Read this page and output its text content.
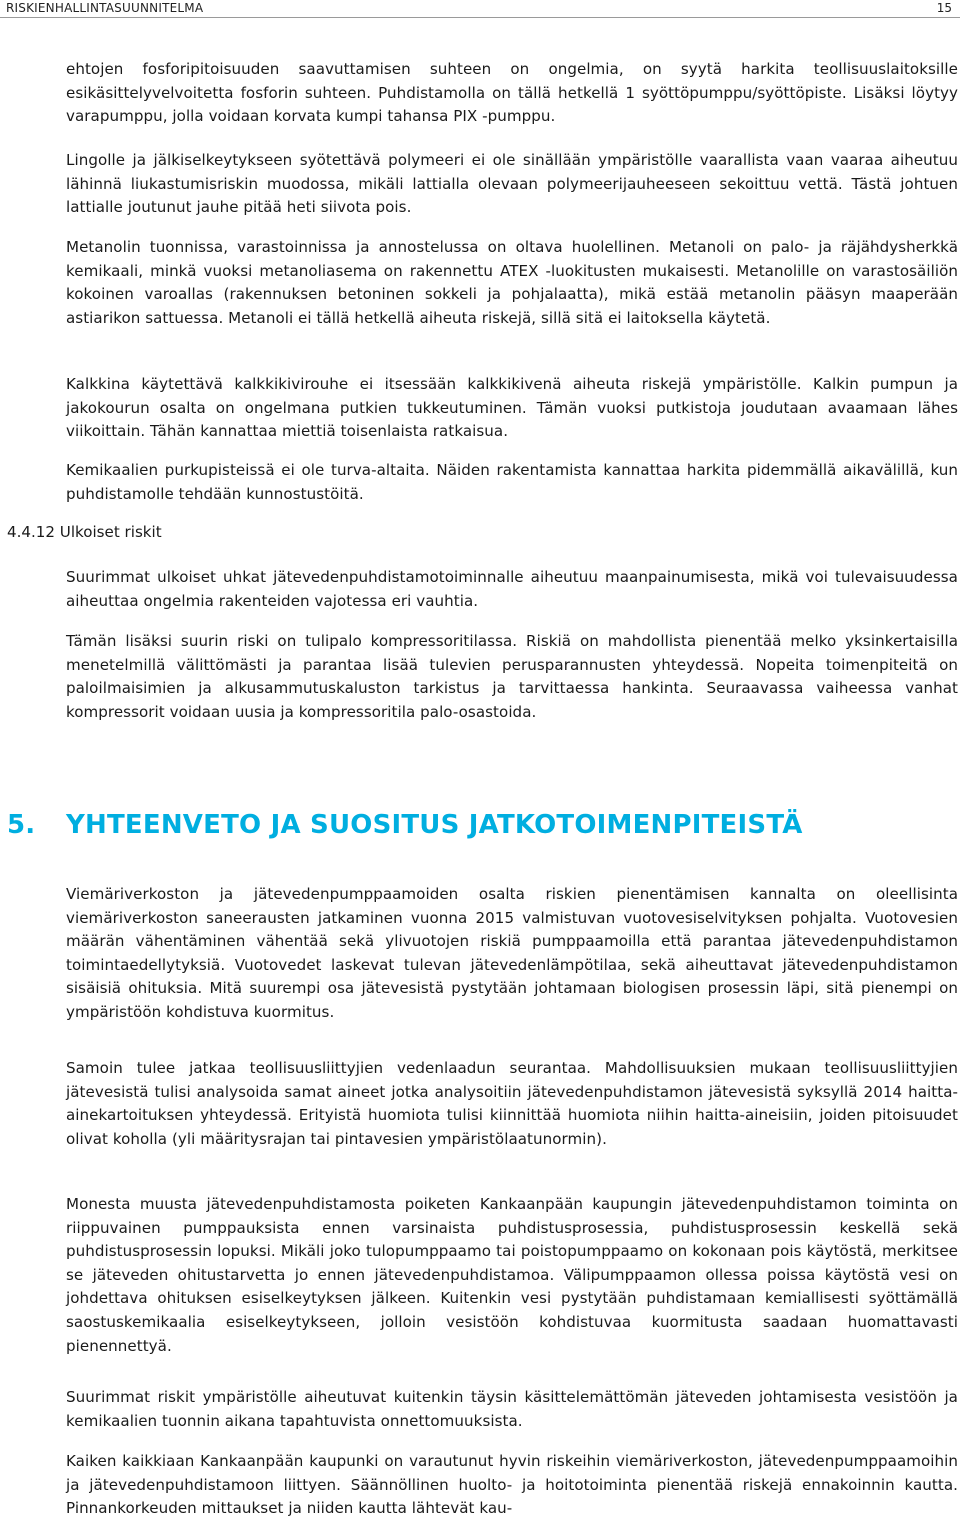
RISKIENHALLINTASUUNNITELMA	15

ehtojen fosforipitoisuuden saavuttamisen suhteen on ongelmia, on syytä harkita teollisuuslaitoksille esikäsittelyvelvoitetta fosforin suhteen. Puhdistamolla on tällä hetkellä 1 syöttöpumppu/syöttöpiste. Lisäksi löytyy varapumppu, jolla voidaan korvata kumpi tahansa PIX -pumppu.

Lingolle ja jälkiselkeytykseen syötettävä polymeeri ei ole sinällään ympäristölle vaarallista vaan vaaraa aiheutuu lähinnä liukastumisriskin muodossa, mikäli lattialla olevaan polymeerijauheeseen sekoittuu vettä. Tästä johtuen lattialle joutunut jauhe pitää heti siivota pois.

Metanolin tuonnissa, varastoinnissa ja annostelussa on oltava huolellinen. Metanoli on palo- ja räjähdysherkkä kemikaali, minkä vuoksi metanoliasema on rakennettu ATEX -luokitusten mukaisesti. Metanolille on varastosäiliön kokoinen varoallas (rakennuksen betoninen sokkeli ja pohjalaatta), mikä estää metanolin pääsyn maaperään astiarikon sattuessa. Metanoli ei tällä hetkellä aiheuta riskejä, sillä sitä ei laitoksella käytetä.

Kalkkina käytettävä kalkkikivirouhe ei itsessään kalkkikivenä aiheuta riskejä ympäristölle. Kalkin pumpun ja jakokourun osalta on ongelmana putkien tukkeutuminen. Tämän vuoksi putkistoja joudutaan avaamaan lähes viikoittain. Tähän kannattaa miettiä toisenlaista ratkaisua.

Kemikaalien purkupisteissä ei ole turva-altaita. Näiden rakentamista kannattaa harkita pidemmällä aikavälillä, kun puhdistamolle tehdään kunnostustöitä.

4.4.12 Ulkoiset riskit

Suurimmat ulkoiset uhkat jätevedenpuhdistamotoiminnalle aiheutuu maanpainumisesta, mikä voi tulevaisuudessa aiheuttaa ongelmia rakenteiden vajotessa eri vauhtia.

Tämän lisäksi suurin riski on tulipalo kompressoritilassa. Riskiä on mahdollista pienentää melko yksinkertaisilla menetelmillä välittömästi ja parantaa lisää tulevien perusparannusten yhteydessä. Nopeita toimenpiteitä on paloilmaisimien ja alkusammutuskaluston tarkistus ja tarvittaessa hankinta. Seuraavassa vaiheessa vanhat kompressorit voidaan uusia ja kompressoritila palo-osastoida.

5. YHTEENVETO JA SUOSITUS JATKOTOIMENPITEISTÄ

Viemäriverkoston ja jätevedenpumppaamoiden osalta riskien pienentämisen kannalta on oleellisinta viemäriverkoston saneerausten jatkaminen vuonna 2015 valmistuvan vuotovesiselvityksen pohjalta. Vuotovesien määrän vähentäminen vähentää sekä ylivuotojen riskiä pumppaamoilla että parantaa jätevedenpuhdistamon toimintaedellytyksiä. Vuotovedet laskevat tulevan jätevedenlämpötilaa, sekä aiheuttavat jätevedenpuhdistamon sisäisiä ohituksia. Mitä suurempi osa jätevesistä pystytään johtamaan biologisen prosessin läpi, sitä pienempi on ympäristöön kohdistuva kuormitus.

Samoin tulee jatkaa teollisuusliittyjien vedenlaadun seurantaa. Mahdollisuuksien mukaan teollisuusliittyjien jätevesistä tulisi analysoida samat aineet jotka analysoitiin jätevedenpuhdistamon jätevesistä syksyllä 2014 haitta-ainekartoituksen yhteydessä. Erityistä huomiota tulisi kiinnittää huomiota niihin haitta-aineisiin, joiden pitoisuudet olivat koholla (yli määritysrajan tai pintavesien ympäristölaatunormin).

Monesta muusta jätevedenpuhdistamosta poiketen Kankaanpään kaupungin jätevedenpuhdistamon toiminta on riippuvainen pumppauksista ennen varsinaista puhdistusprosessia, puhdistusprosessin keskellä sekä puhdistusprosessin lopuksi. Mikäli joko tulopumppaamo tai poistopumppaamo on kokonaan pois käytöstä, merkitsee se jäteveden ohitustarvetta jo ennen jätevedenpuhdistamoa. Välipumppaamon ollessa poissa käytöstä vesi on johdettava ohituksen esiselkeytyksen jälkeen. Kuitenkin vesi pystytään puhdistamaan kemiallisesti syöttämällä saostuskemikaalia esiselkeytykseen, jolloin vesistöön kohdistuvaa kuormitusta saadaan huomattavasti pienennettyä.

Suurimmat riskit ympäristölle aiheutuvat kuitenkin täysin käsittelemättömän jäteveden johtamisesta vesistöön ja kemikaalien tuonnin aikana tapahtuvista onnettomuuksista.

Kaiken kaikkiaan Kankaanpään kaupunki on varautunut hyvin riskeihin viemäriverkoston, jätevedenpumppaamoihin ja jätevedenpuhdistamoon liittyen. Säännöllinen huolto- ja hoitotoiminta pienentää riskejä ennakoinnin kautta. Pinnankorkeuden mittaukset ja niiden kautta lähtevät kau-
